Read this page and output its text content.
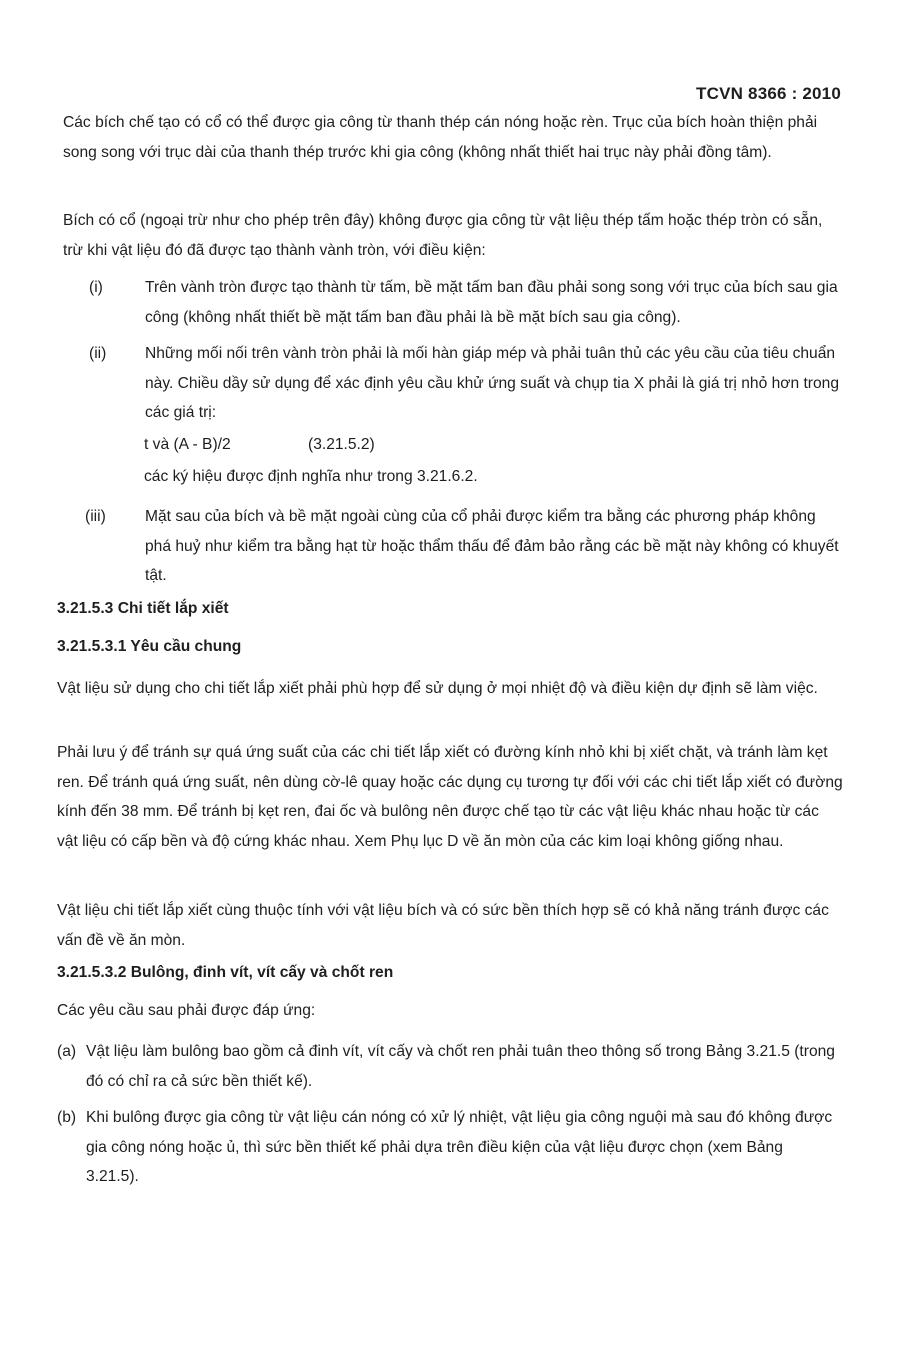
TCVN 8366 : 2010

Các bích chế tạo có cổ có thể được gia công từ thanh thép cán nóng hoặc rèn. Trục của bích hoàn thiện phải song song với trục dài của thanh thép trước khi gia công (không nhất thiết hai trục này phải đồng tâm).

Bích có cổ (ngoại trừ như cho phép trên đây) không được gia công từ vật liệu thép tấm hoặc thép tròn có sẵn, trừ khi vật liệu đó đã được tạo thành vành tròn, với điều kiện:

(i)	Trên vành tròn được tạo thành từ tấm, bề mặt tấm ban đầu phải song song với trục của bích sau gia công (không nhất thiết bề mặt tấm ban đầu phải là bề mặt bích sau gia công).

(ii) Những mối nối trên vành tròn phải là mối hàn giáp mép và phải tuân thủ các yêu cầu của tiêu chuẩn này. Chiều dầy sử dụng để xác định yêu cầu khử ứng suất và chụp tia X phải là giá trị nhỏ hơn trong các giá trị:

t và (A - B)/2	(3.21.5.2)
các ký hiệu được định nghĩa như trong 3.21.6.2.
(iii)	Mặt sau của bích và bề mặt ngoài cùng của cổ phải được kiểm tra bằng các phương pháp không phá huỷ như kiểm tra bằng hạt từ hoặc thẩm thấu để đảm bảo rằng các bề mặt này không có khuyết tật.

3.21.5.3 Chi tiết lắp xiết
3.21.5.3.1 Yêu cầu chung

Vật liệu sử dụng cho chi tiết lắp xiết phải phù hợp để sử dụng ở mọi nhiệt độ và điều kiện dự định sẽ làm việc.

Phải lưu ý để tránh sự quá ứng suất của các chi tiết lắp xiết có đường kính nhỏ khi bị xiết chặt, và tránh làm kẹt ren. Để tránh quá ứng suất, nên dùng cờ-lê quay hoặc các dụng cụ tương tự đối với các chi tiết lắp xiết có đường kính đến 38 mm. Để tránh bị kẹt ren, đai ốc và bulông nên được chế tạo từ các vật liệu khác nhau hoặc từ các vật liệu có cấp bền và độ cứng khác nhau. Xem Phụ lục D về ăn mòn của các kim loại không giống nhau.

Vật liệu chi tiết lắp xiết cùng thuộc tính với vật liệu bích và có sức bền thích hợp sẽ có khả năng tránh được các vấn đề về ăn mòn.

3.21.5.3.2 Bulông, đinh vít, vít cấy và chốt ren

Các yêu cầu sau phải được đáp ứng:

(a) Vật liệu làm bulông bao gồm cả đinh vít, vít cấy và chốt ren phải tuân theo thông số trong Bảng 3.21.5 (trong đó có chỉ ra cả sức bền thiết kế).

(b) Khi bulông được gia công từ vật liệu cán nóng có xử lý nhiệt, vật liệu gia công nguội mà sau đó không được gia công nóng hoặc ủ, thì sức bền thiết kế phải dựa trên điều kiện của vật liệu được chọn (xem Bảng 3.21.5).
